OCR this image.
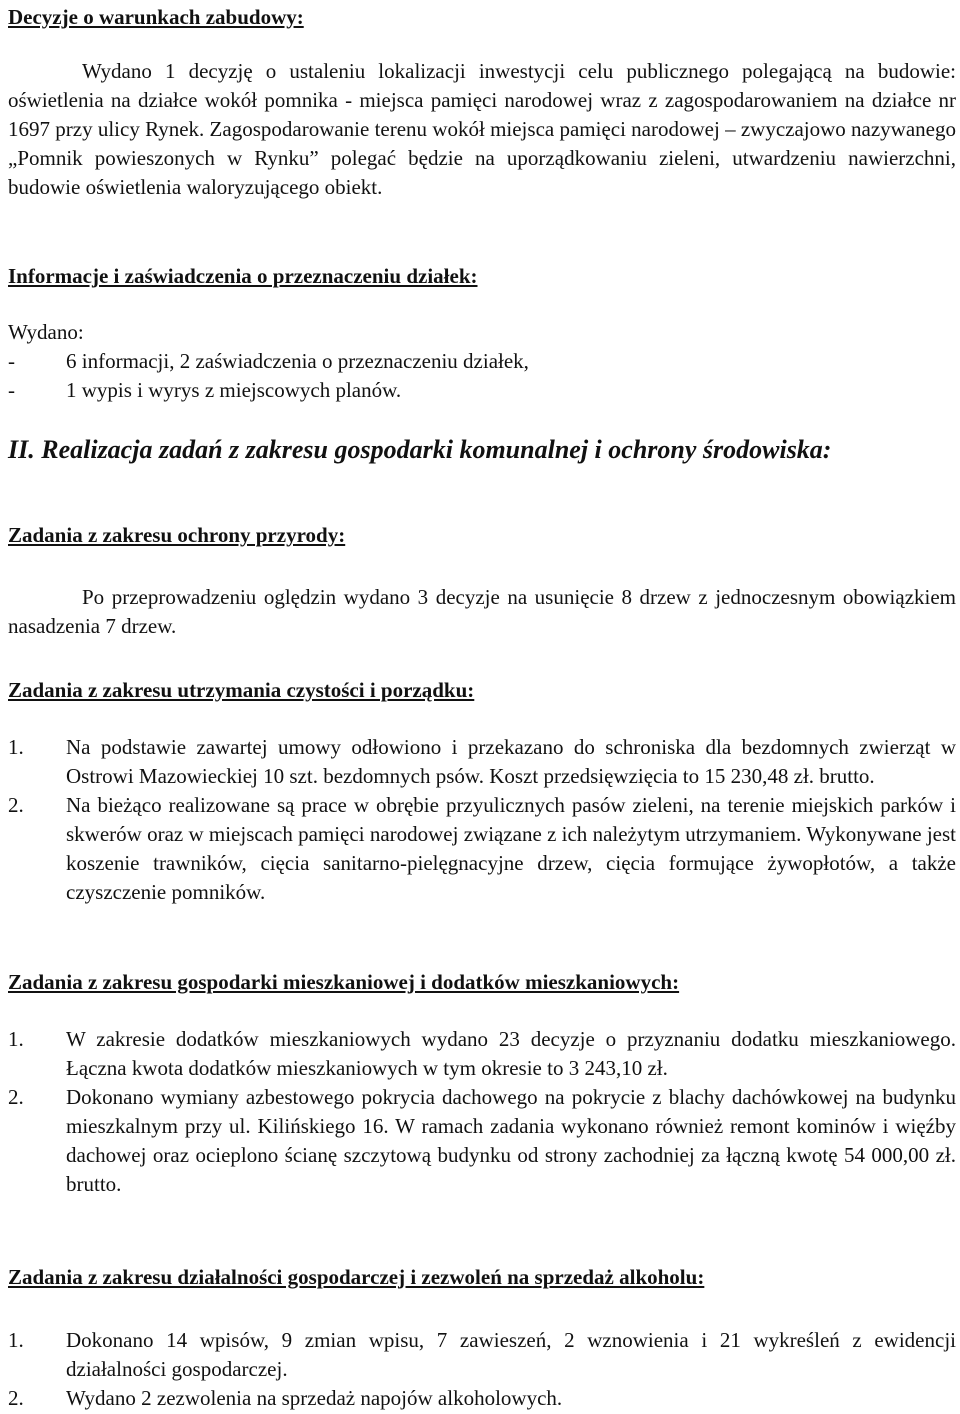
Decyzje o warunkach zabudowy:
Wydano 1 decyzję o ustaleniu lokalizacji inwestycji celu publicznego polegającą na budowie: oświetlenia na działce wokół pomnika - miejsca pamięci narodowej wraz z zagospodarowaniem na działce nr 1697 przy ulicy Rynek. Zagospodarowanie terenu wokół miejsca pamięci narodowej – zwyczajowo nazywanego „Pomnik powieszonych w Rynku” polegać będzie na uporządkowaniu zieleni, utwardzeniu nawierzchni, budowie oświetlenia waloryzującego obiekt.
Informacje i zaświadczenia o przeznaczeniu działek:
Wydano:
-	6 informacji, 2 zaświadczenia o przeznaczeniu działek,
-	1 wypis i wyrys z miejscowych planów.
II. Realizacja zadań z zakresu gospodarki komunalnej i ochrony środowiska:
Zadania z zakresu ochrony przyrody:
Po przeprowadzeniu oględzin wydano 3 decyzje na usunięcie 8 drzew z jednoczesnym obowiązkiem nasadzenia 7 drzew.
Zadania z zakresu utrzymania czystości i porządku:
1.	Na podstawie zawartej umowy odłowiono i przekazano do schroniska dla bezdomnych zwierząt w Ostrowi Mazowieckiej 10 szt. bezdomnych psów. Koszt przedsięwzięcia to 15 230,48 zł. brutto.
2.	Na bieżąco realizowane są prace w obrębie przyulicznych pasów zieleni, na terenie miejskich parków i skwerów oraz w miejscach pamięci narodowej związane z ich należytym utrzymaniem. Wykonywane jest koszenie trawników, cięcia sanitarno-pielęgnacyjne drzew, cięcia formujące żywopłotów, a także czyszczenie pomników.
Zadania z zakresu gospodarki mieszkaniowej i dodatków mieszkaniowych:
1.	W zakresie dodatków mieszkaniowych wydano 23 decyzje o przyznaniu dodatku mieszkaniowego. Łączna kwota dodatków mieszkaniowych w tym okresie to 3 243,10 zł.
2.	Dokonano wymiany azbestowego pokrycia dachowego na pokrycie z blachy dachówkowej na budynku mieszkalnym przy ul. Kilińskiego 16. W ramach zadania wykonano również remont kominów i więźby dachowej oraz ocieplono ścianę szczytową budynku od strony zachodniej za łączną kwotę 54 000,00 zł. brutto.
Zadania z zakresu działalności gospodarczej i zezwoleń na sprzedaż alkoholu:
1.	Dokonano 14 wpisów, 9 zmian wpisu, 7 zawieszeń, 2 wznowienia i 21 wykreśleń z ewidencji działalności gospodarczej.
2.	Wydano 2 zezwolenia na sprzedaż napojów alkoholowych.
